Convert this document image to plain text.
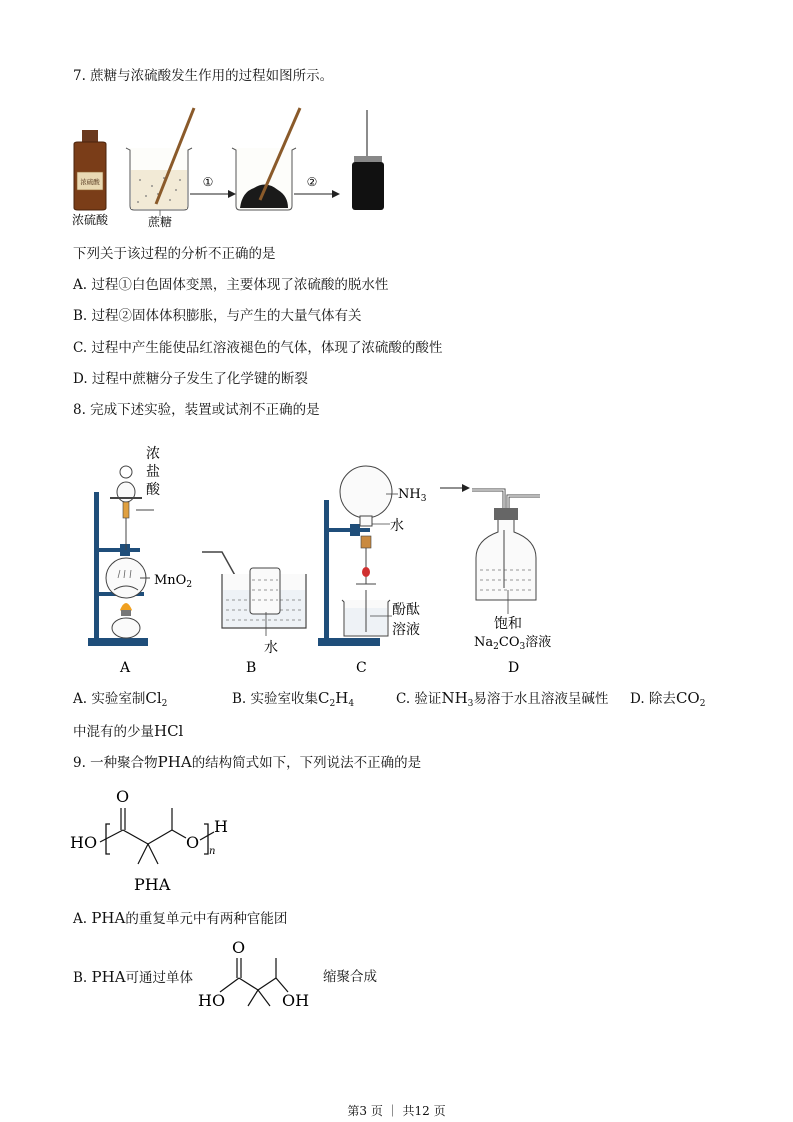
7. 蔗糖与浓硫酸发生作用的过程如图所示。
浓硫酸
浓硫酸	蔗糖
①	②
下列关于该过程的分析不正确的是
A. 过程①白色固体变黑，主要体现了浓硫酸的脱水性
B. 过程②固体体积膨胀，与产生的大量气体有关
C. 过程中产生能使品红溶液褪色的气体，体现了浓硫酸的酸性
D. 过程中蔗糖分子发生了化学键的断裂
8. 完成下述实验，装置或试剂不正确的是
浓
盐
酸
MnO$_2$
A
水
B
$NH_3$
水
酚酞
溶液
C
饱和
$Na_2CO_3$溶液
D
A. 实验室制$Cl_2$	B. 实验室收集$C_2H_4$	C. 验证$NH_3$易溶于水且溶液呈碱性 D. 除去$CO_2$
中混有的少量HCl
9. 一种聚合物PHA的结构简式如下，下列说法不正确的是
O
HO	O
H
n
PHA
A. PHA的重复单元中有两种官能团
B. PHA可通过单体
O
HO	OH
缩聚合成
第3 页 ｜ 共12 页
